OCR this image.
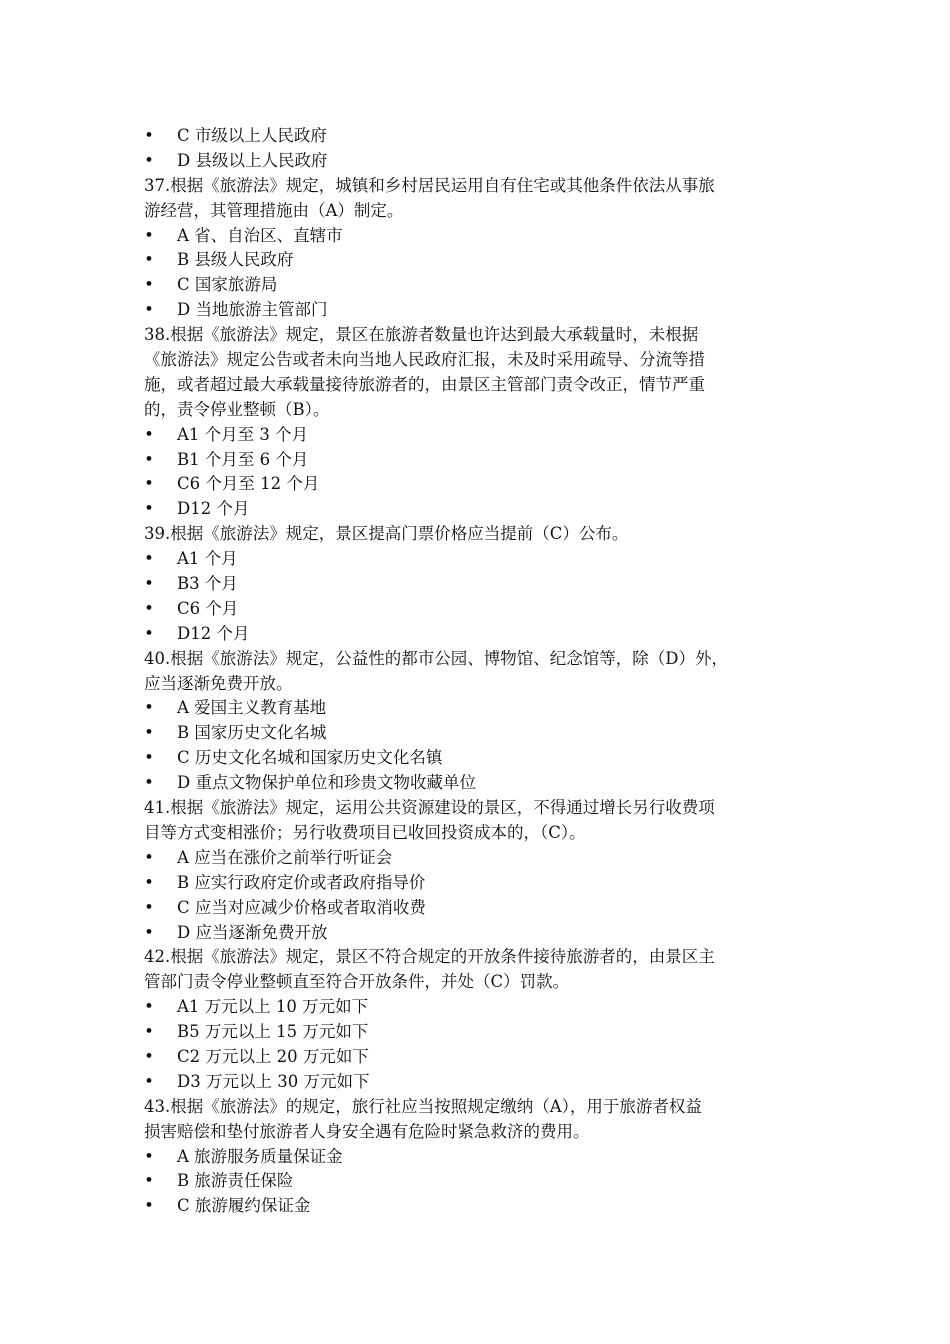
• C 市级以上人民政府
• D 县级以上人民政府
37.根据《旅游法》规定，城镇和乡村居民运用自有住宅或其他条件依法从事旅
游经营，其管理措施由（A）制定。
• A 省、自治区、直辖市
• B 县级人民政府
• C 国家旅游局
• D 当地旅游主管部门
38.根据《旅游法》规定，景区在旅游者数量也许达到最大承载量时，未根据
《旅游法》规定公告或者未向当地人民政府汇报，未及时采用疏导、分流等措
施，或者超过最大承载量接待旅游者的，由景区主管部门责令改正，情节严重
的，责令停业整顿（B）。
• A1 个月至 3 个月
• B1 个月至 6 个月
• C6 个月至 12 个月
• D12 个月
39.根据《旅游法》规定，景区提高门票价格应当提前（C）公布。
• A1 个月
• B3 个月
• C6 个月
• D12 个月
40.根据《旅游法》规定，公益性的都市公园、博物馆、纪念馆等，除（D）外，
应当逐渐免费开放。
• A 爱国主义教育基地
• B 国家历史文化名城
• C 历史文化名城和国家历史文化名镇
• D 重点文物保护单位和珍贵文物收藏单位
41.根据《旅游法》规定，运用公共资源建设的景区，不得通过增长另行收费项
目等方式变相涨价；另行收费项目已收回投资成本的，（C）。
• A 应当在涨价之前举行听证会
• B 应实行政府定价或者政府指导价
• C 应当对应减少价格或者取消收费
• D 应当逐渐免费开放
42.根据《旅游法》规定，景区不符合规定的开放条件接待旅游者的，由景区主
管部门责令停业整顿直至符合开放条件，并处（C）罚款。
• A1 万元以上 10 万元如下
• B5 万元以上 15 万元如下
• C2 万元以上 20 万元如下
• D3 万元以上 30 万元如下
43.根据《旅游法》的规定，旅行社应当按照规定缴纳（A），用于旅游者权益
损害赔偿和垫付旅游者人身安全遇有危险时紧急救济的费用。
• A 旅游服务质量保证金
• B 旅游责任保险
• C 旅游履约保证金
